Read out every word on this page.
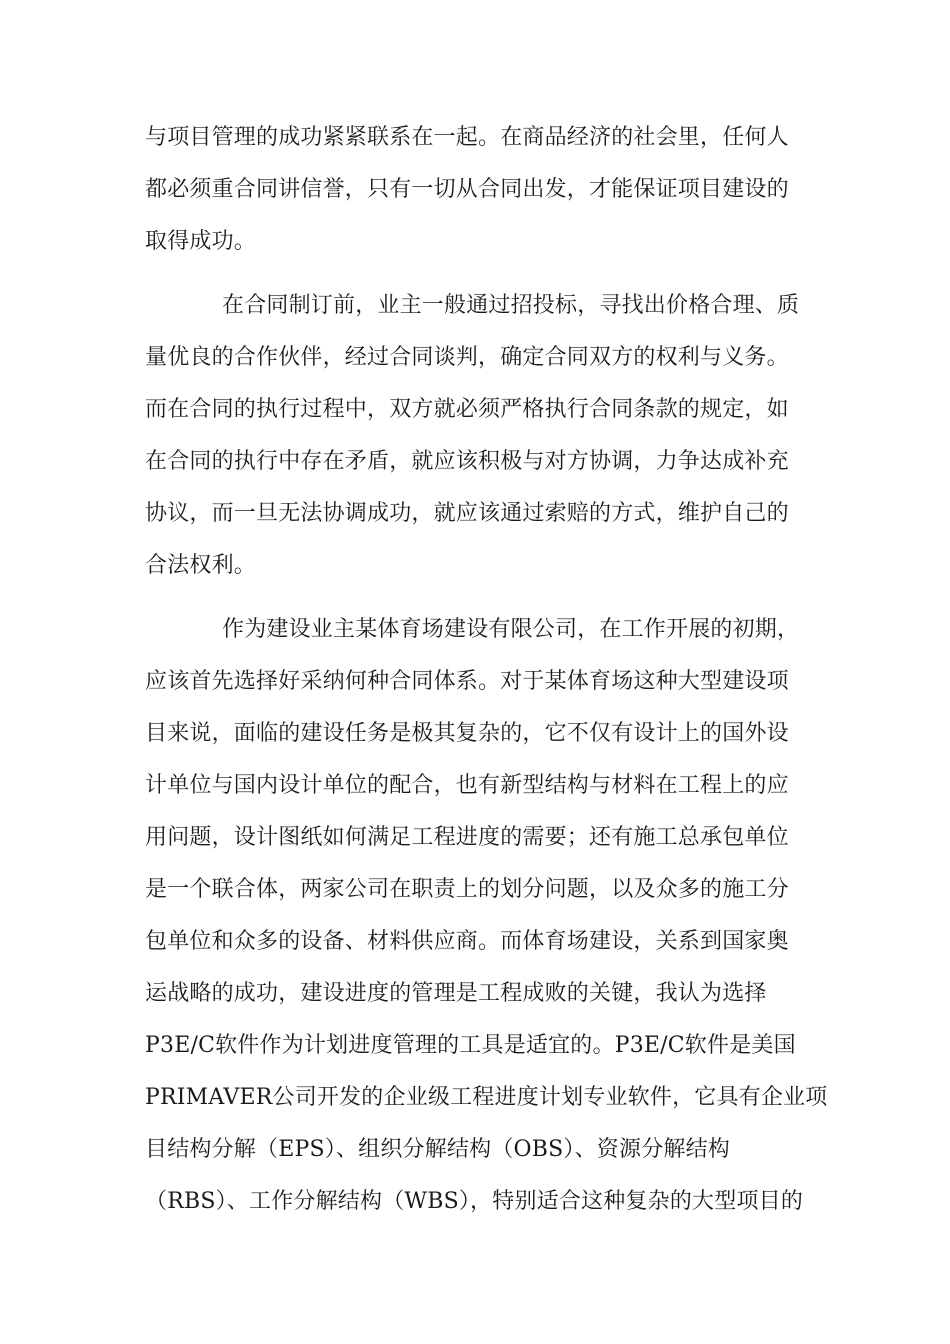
与项目管理的成功紧紧联系在一起。在商品经济的社会里，任何人
都必须重合同讲信誉，只有一切从合同出发，才能保证项目建设的
取得成功。
在合同制订前，业主一般通过招投标，寻找出价格合理、质
量优良的合作伙伴，经过合同谈判，确定合同双方的权利与义务。
而在合同的执行过程中，双方就必须严格执行合同条款的规定，如
在合同的执行中存在矛盾，就应该积极与对方协调，力争达成补充
协议，而一旦无法协调成功，就应该通过索赔的方式，维护自己的
合法权利。
作为建设业主某体育场建设有限公司，在工作开展的初期，
应该首先选择好采纳何种合同体系。对于某体育场这种大型建设项
目来说，面临的建设任务是极其复杂的，它不仅有设计上的国外设
计单位与国内设计单位的配合，也有新型结构与材料在工程上的应
用问题，设计图纸如何满足工程进度的需要；还有施工总承包单位
是一个联合体，两家公司在职责上的划分问题，以及众多的施工分
包单位和众多的设备、材料供应商。而体育场建设，关系到国家奥
运战略的成功，建设进度的管理是工程成败的关键，我认为选择
P3E/C软件作为计划进度管理的工具是适宜的。P3E/C软件是美国
PRIMAVER公司开发的企业级工程进度计划专业软件，它具有企业项
目结构分解（EPS）、组织分解结构（OBS）、资源分解结构
（RBS）、工作分解结构（WBS），特别适合这种复杂的大型项目的
